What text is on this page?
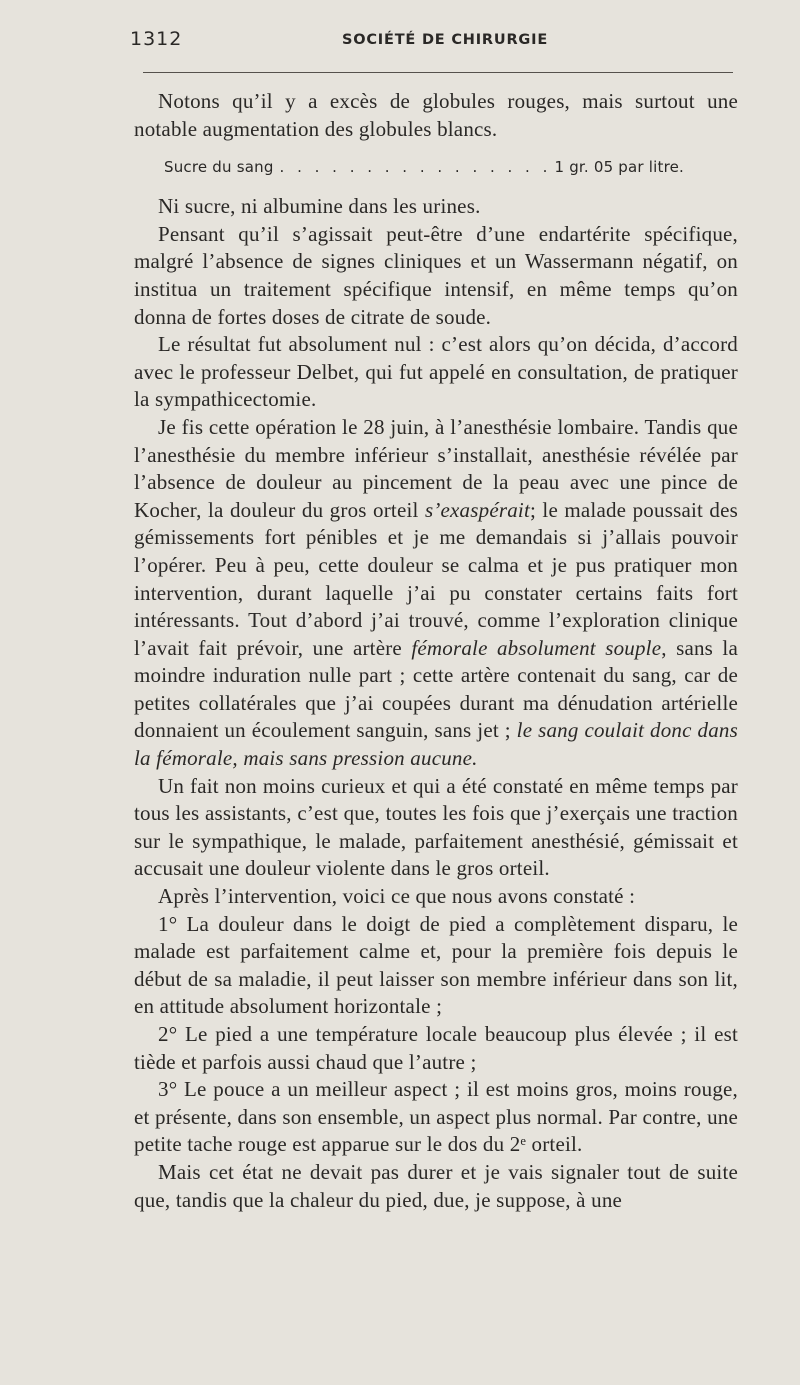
1312	SOCIÉTÉ DE CHIRURGIE

Notons qu’il y a excès de globules rouges, mais surtout une notable augmentation des globules blancs.

Sucre du sang
. . .	1 gr. 05 par litre.

Ni sucre, ni albumine dans les urines.

Pensant qu’il s’agissait peut-être d’une endartérite spécifique, malgré l’absence de signes cliniques et un Wassermann négatif, on institua un traitement spécifique intensif, en même temps qu’on donna de fortes doses de citrate de soude.

Le résultat fut absolument nul : c’est alors qu’on décida, d’accord avec le professeur Delbet, qui fut appelé en consultation, de pratiquer la sympathicectomie.

Je fis cette opération le 28 juin, à l’anesthésie lombaire. Tandis que l’anesthésie du membre inférieur s’installait, anesthésie révélée par l’absence de douleur au pincement de la peau avec une pince de Kocher, la douleur du gros orteil s’exaspérait; le malade poussait des gémissements fort pénibles et je me demandais si j’allais pouvoir l’opérer. Peu à peu, cette douleur se calma et je pus pratiquer mon intervention, durant laquelle j’ai pu constater certains faits fort intéressants. Tout d’abord j’ai trouvé, comme l’exploration clinique l’avait fait prévoir, une artère fémorale absolument souple, sans la moindre induration nulle part ; cette artère contenait du sang, car de petites collatérales que j’ai coupées durant ma dénudation artérielle donnaient un écoulement sanguin, sans jet ; le sang coulait donc dans la fémorale, mais sans pression aucune.

Un fait non moins curieux et qui a été constaté en même temps par tous les assistants, c’est que, toutes les fois que j’exerçais une traction sur le sympathique, le malade, parfaitement anesthésié, gémissait et accusait une douleur violente dans le gros orteil.

Après l’intervention, voici ce que nous avons constaté :

1° La douleur dans le doigt de pied a complètement disparu, le malade est parfaitement calme et, pour la première fois depuis le début de sa maladie, il peut laisser son membre inférieur dans son lit, en attitude absolument horizontale ;

2° Le pied a une température locale beaucoup plus élevée ; il est tiède et parfois aussi chaud que l’autre ;

3° Le pouce a un meilleur aspect ; il est moins gros, moins rouge, et présente, dans son ensemble, un aspect plus normal. Par contre, une petite tache rouge est apparue sur le dos du 2ᵉ orteil.

Mais cet état ne devait pas durer et je vais signaler tout de suite que, tandis que la chaleur du pied, due, je suppose, à une
